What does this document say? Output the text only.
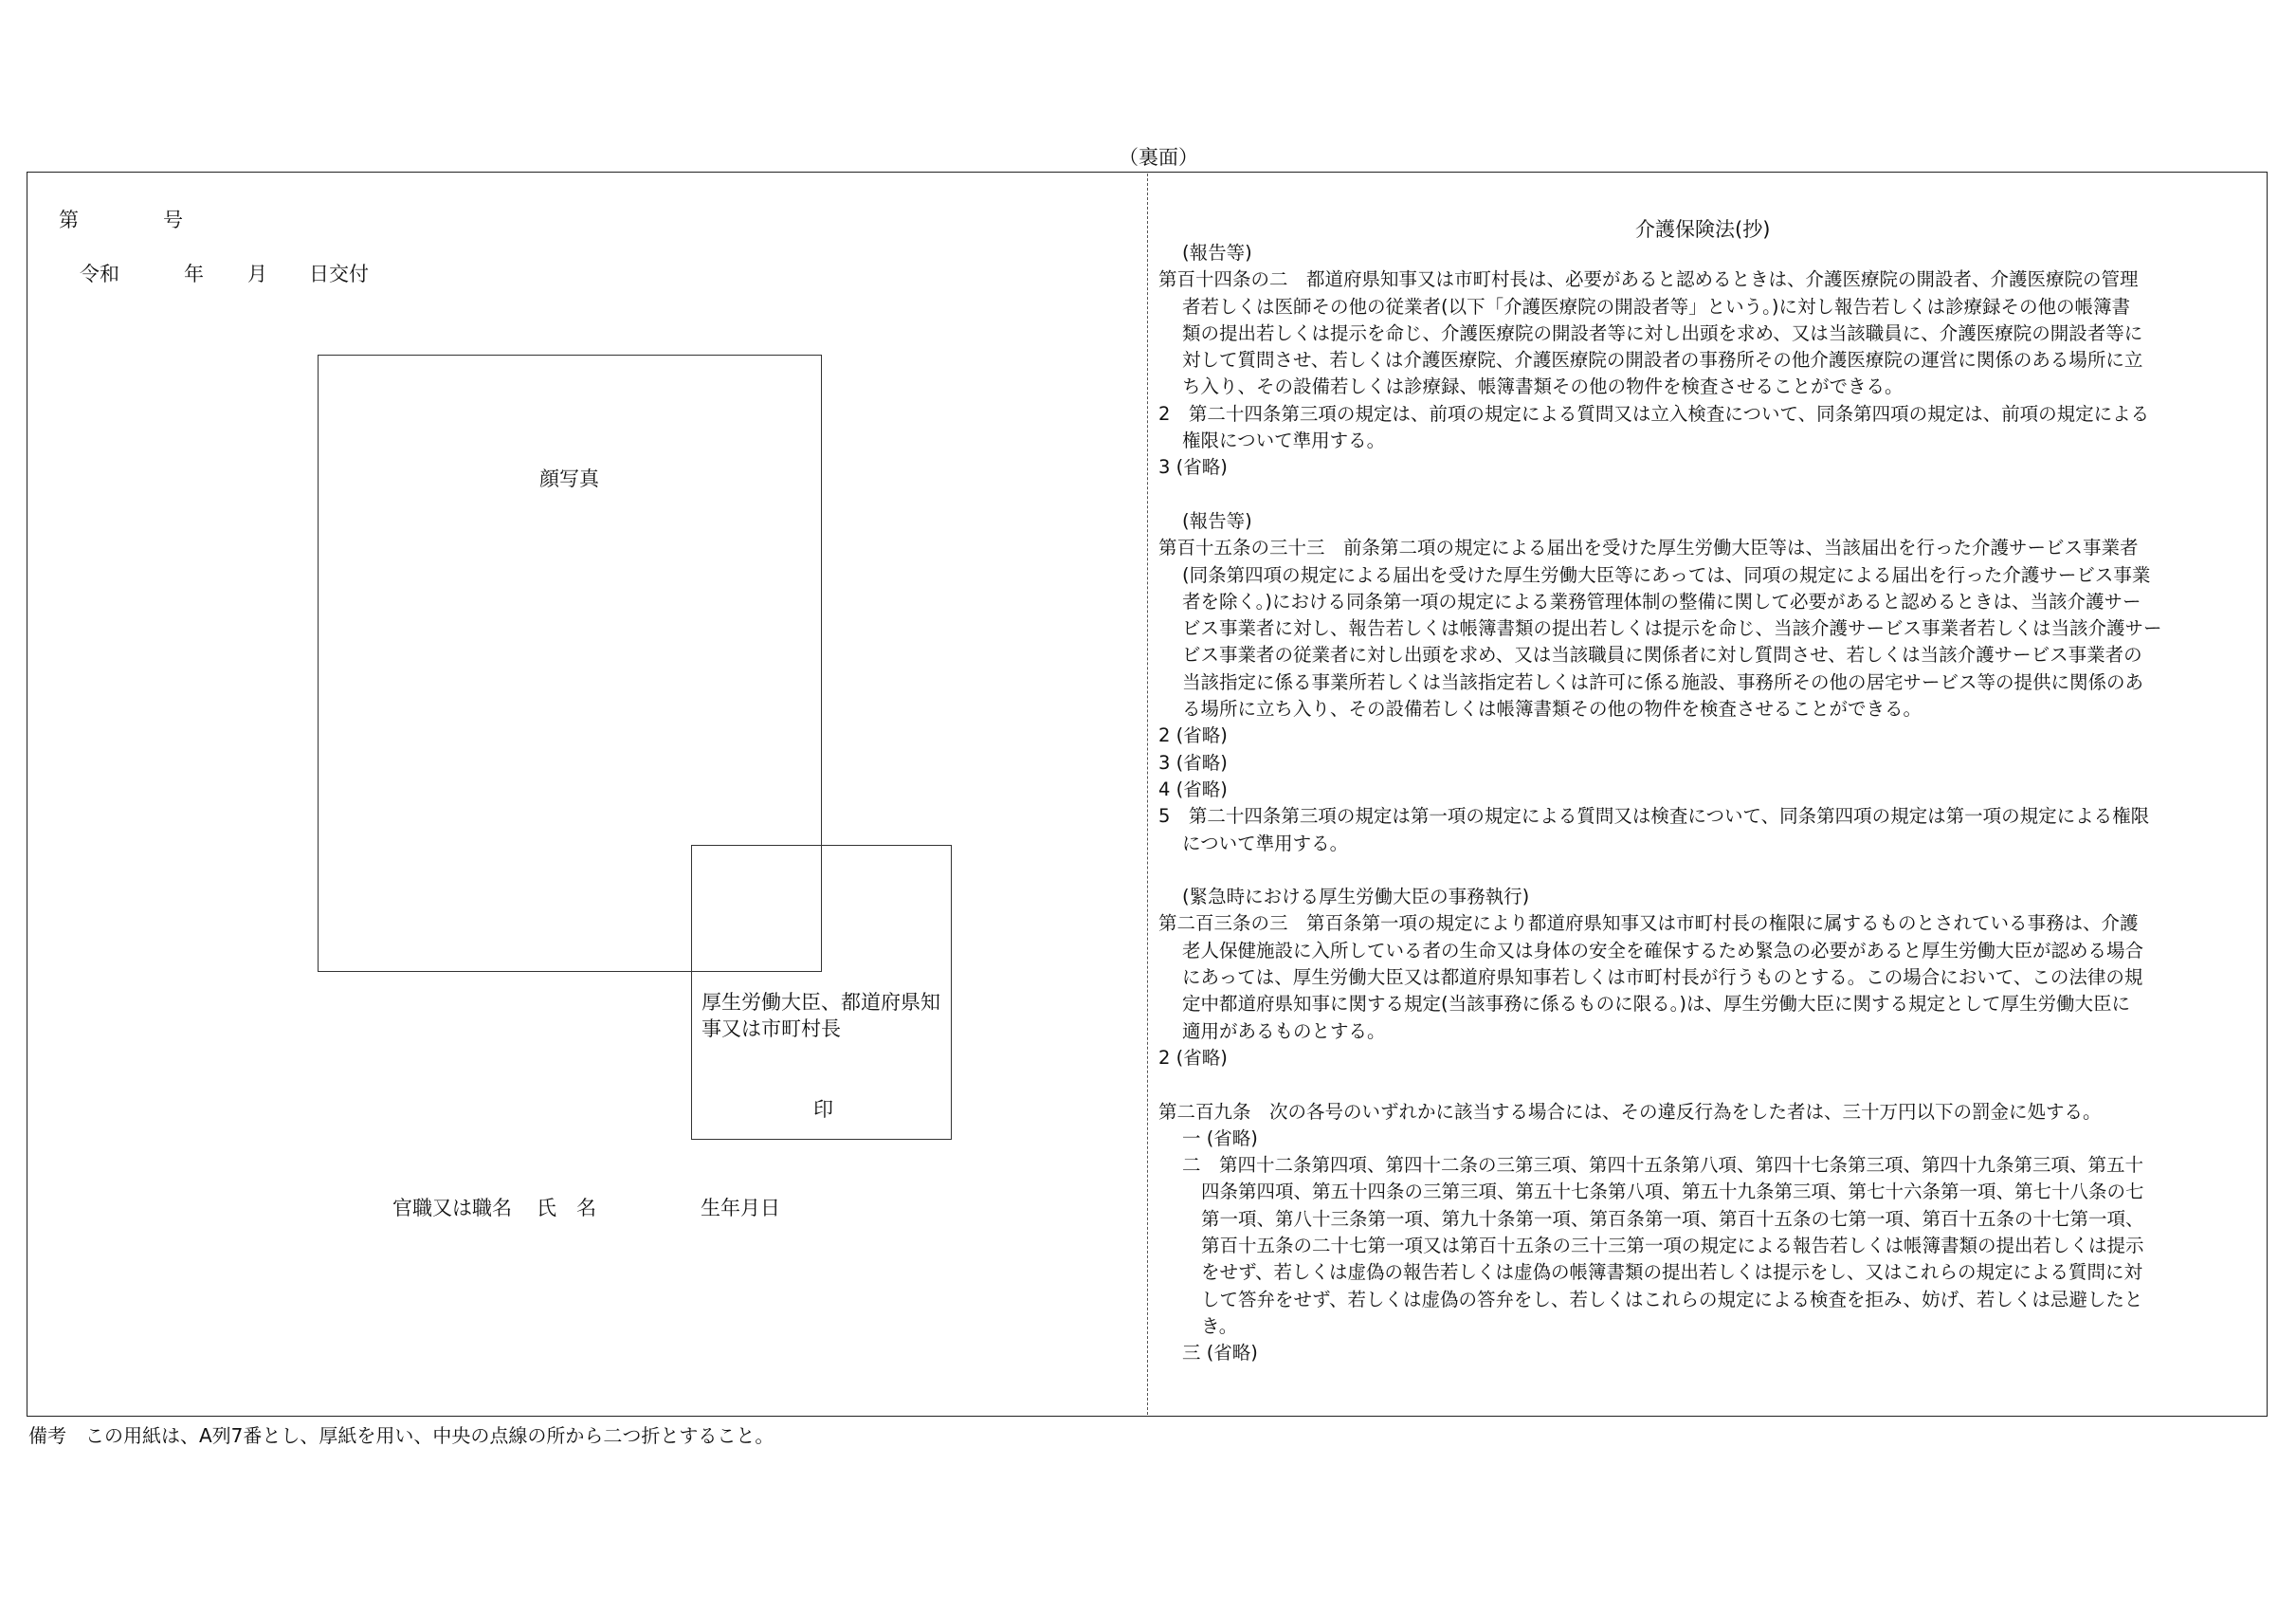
（裏面）
第	号
令和	年 月 日交付
顔写真
厚生労働大臣、都道府県知
事又は市町村長
印
官職又は職名 氏　名	生年月日
介護保険法(抄)
(報告等)
第百十四条の二　都道府県知事又は市町村長は、必要があると認めるときは、介護医療院の開設者、介護医療院の管理
者若しくは医師その他の従業者(以下「介護医療院の開設者等」という。)に対し報告若しくは診療録その他の帳簿書
類の提出若しくは提示を命じ、介護医療院の開設者等に対し出頭を求め、又は当該職員に、介護医療院の開設者等に
対して質問させ、若しくは介護医療院、介護医療院の開設者の事務所その他介護医療院の運営に関係のある場所に立
ち入り、その設備若しくは診療録、帳簿書類その他の物件を検査させることができる。
2　第二十四条第三項の規定は、前項の規定による質問又は立入検査について、同条第四項の規定は、前項の規定による
権限について準用する。
3 (省略)
(報告等)
第百十五条の三十三　前条第二項の規定による届出を受けた厚生労働大臣等は、当該届出を行った介護サービス事業者
(同条第四項の規定による届出を受けた厚生労働大臣等にあっては、同項の規定による届出を行った介護サービス事業
者を除く。)における同条第一項の規定による業務管理体制の整備に関して必要があると認めるときは、当該介護サー
ビス事業者に対し、報告若しくは帳簿書類の提出若しくは提示を命じ、当該介護サービス事業者若しくは当該介護サー
ビス事業者の従業者に対し出頭を求め、又は当該職員に関係者に対し質問させ、若しくは当該介護サービス事業者の
当該指定に係る事業所若しくは当該指定若しくは許可に係る施設、事務所その他の居宅サービス等の提供に関係のあ
る場所に立ち入り、その設備若しくは帳簿書類その他の物件を検査させることができる。
2 (省略)
3 (省略)
4 (省略)
5　第二十四条第三項の規定は第一項の規定による質問又は検査について、同条第四項の規定は第一項の規定による権限
について準用する。
(緊急時における厚生労働大臣の事務執行)
第二百三条の三　第百条第一項の規定により都道府県知事又は市町村長の権限に属するものとされている事務は、介護
老人保健施設に入所している者の生命又は身体の安全を確保するため緊急の必要があると厚生労働大臣が認める場合
にあっては、厚生労働大臣又は都道府県知事若しくは市町村長が行うものとする。この場合において、この法律の規
定中都道府県知事に関する規定(当該事務に係るものに限る。)は、厚生労働大臣に関する規定として厚生労働大臣に
適用があるものとする。
2 (省略)
第二百九条　次の各号のいずれかに該当する場合には、その違反行為をした者は、三十万円以下の罰金に処する。
一 (省略)
二　第四十二条第四項、第四十二条の三第三項、第四十五条第八項、第四十七条第三項、第四十九条第三項、第五十
四条第四項、第五十四条の三第三項、第五十七条第八項、第五十九条第三項、第七十六条第一項、第七十八条の七
第一項、第八十三条第一項、第九十条第一項、第百条第一項、第百十五条の七第一項、第百十五条の十七第一項、
第百十五条の二十七第一項又は第百十五条の三十三第一項の規定による報告若しくは帳簿書類の提出若しくは提示
をせず、若しくは虚偽の報告若しくは虚偽の帳簿書類の提出若しくは提示をし、又はこれらの規定による質問に対
して答弁をせず、若しくは虚偽の答弁をし、若しくはこれらの規定による検査を拒み、妨げ、若しくは忌避したと
き。
三 (省略)
備考　この用紙は、A列7番とし、厚紙を用い、中央の点線の所から二つ折とすること。
